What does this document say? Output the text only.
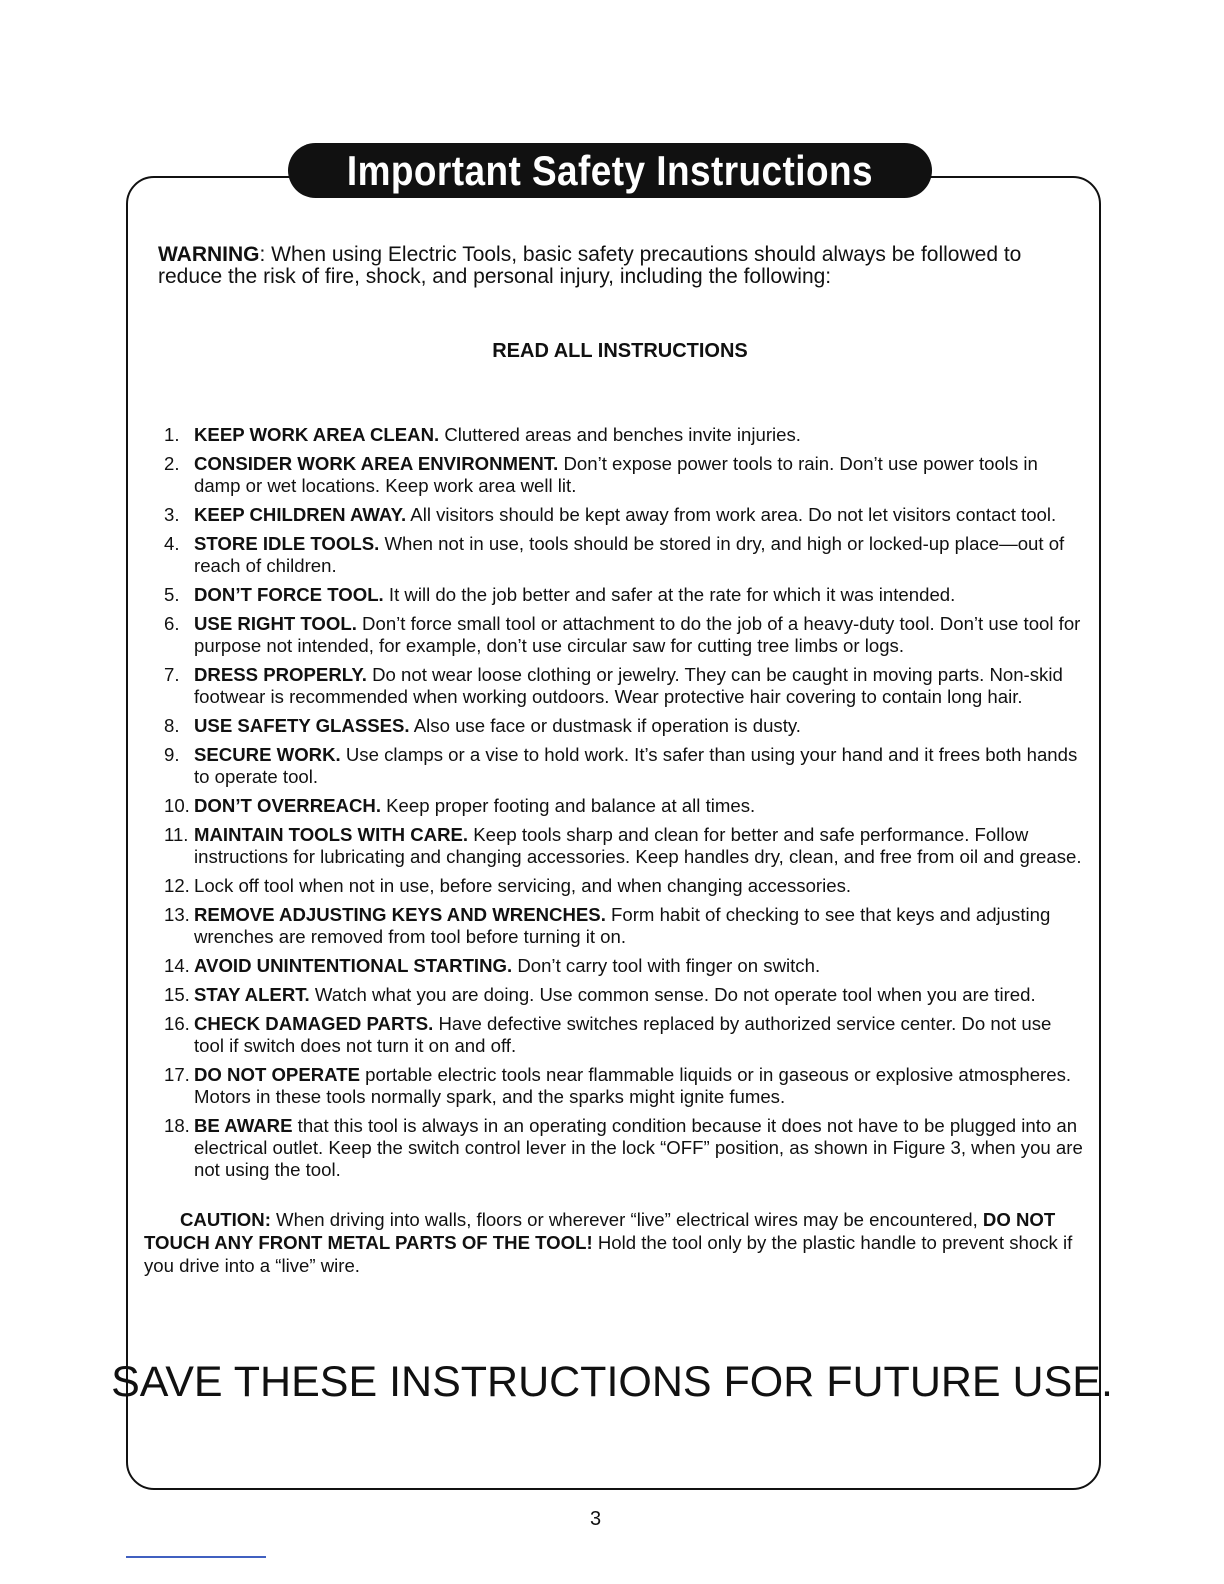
Important Safety Instructions
WARNING: When using Electric Tools, basic safety precautions should always be followed to reduce the risk of fire, shock, and personal injury, including the following:
READ ALL INSTRUCTIONS
1. KEEP WORK AREA CLEAN. Cluttered areas and benches invite injuries.
2. CONSIDER WORK AREA ENVIRONMENT. Don’t expose power tools to rain. Don’t use power tools in damp or wet locations. Keep work area well lit.
3. KEEP CHILDREN AWAY. All visitors should be kept away from work area. Do not let visitors contact tool.
4. STORE IDLE TOOLS. When not in use, tools should be stored in dry, and high or locked-up place—out of reach of children.
5. DON’T FORCE TOOL. It will do the job better and safer at the rate for which it was intended.
6. USE RIGHT TOOL. Don’t force small tool or attachment to do the job of a heavy-duty tool. Don’t use tool for purpose not intended, for example, don’t use circular saw for cutting tree limbs or logs.
7. DRESS PROPERLY. Do not wear loose clothing or jewelry. They can be caught in moving parts. Non-skid footwear is recommended when working outdoors. Wear protective hair covering to contain long hair.
8. USE SAFETY GLASSES. Also use face or dustmask if operation is dusty.
9. SECURE WORK. Use clamps or a vise to hold work. It’s safer than using your hand and it frees both hands to operate tool.
10. DON’T OVERREACH. Keep proper footing and balance at all times.
11. MAINTAIN TOOLS WITH CARE. Keep tools sharp and clean for better and safe performance. Follow instructions for lubricating and changing accessories. Keep handles dry, clean, and free from oil and grease.
12. Lock off tool when not in use, before servicing, and when changing accessories.
13. REMOVE ADJUSTING KEYS AND WRENCHES. Form habit of checking to see that keys and adjusting wrenches are removed from tool before turning it on.
14. AVOID UNINTENTIONAL STARTING. Don’t carry tool with finger on switch.
15. STAY ALERT. Watch what you are doing. Use common sense. Do not operate tool when you are tired.
16. CHECK DAMAGED PARTS. Have defective switches replaced by authorized service center. Do not use tool if switch does not turn it on and off.
17. DO NOT OPERATE portable electric tools near flammable liquids or in gaseous or explosive atmospheres. Motors in these tools normally spark, and the sparks might ignite fumes.
18. BE AWARE that this tool is always in an operating condition because it does not have to be plugged into an electrical outlet. Keep the switch control lever in the lock “OFF” position, as shown in Figure 3, when you are not using the tool.
CAUTION: When driving into walls, floors or wherever “live” electrical wires may be encountered, DO NOT TOUCH ANY FRONT METAL PARTS OF THE TOOL! Hold the tool only by the plastic handle to prevent shock if you drive into a “live” wire.
SAVE THESE INSTRUCTIONS FOR FUTURE USE.
3
